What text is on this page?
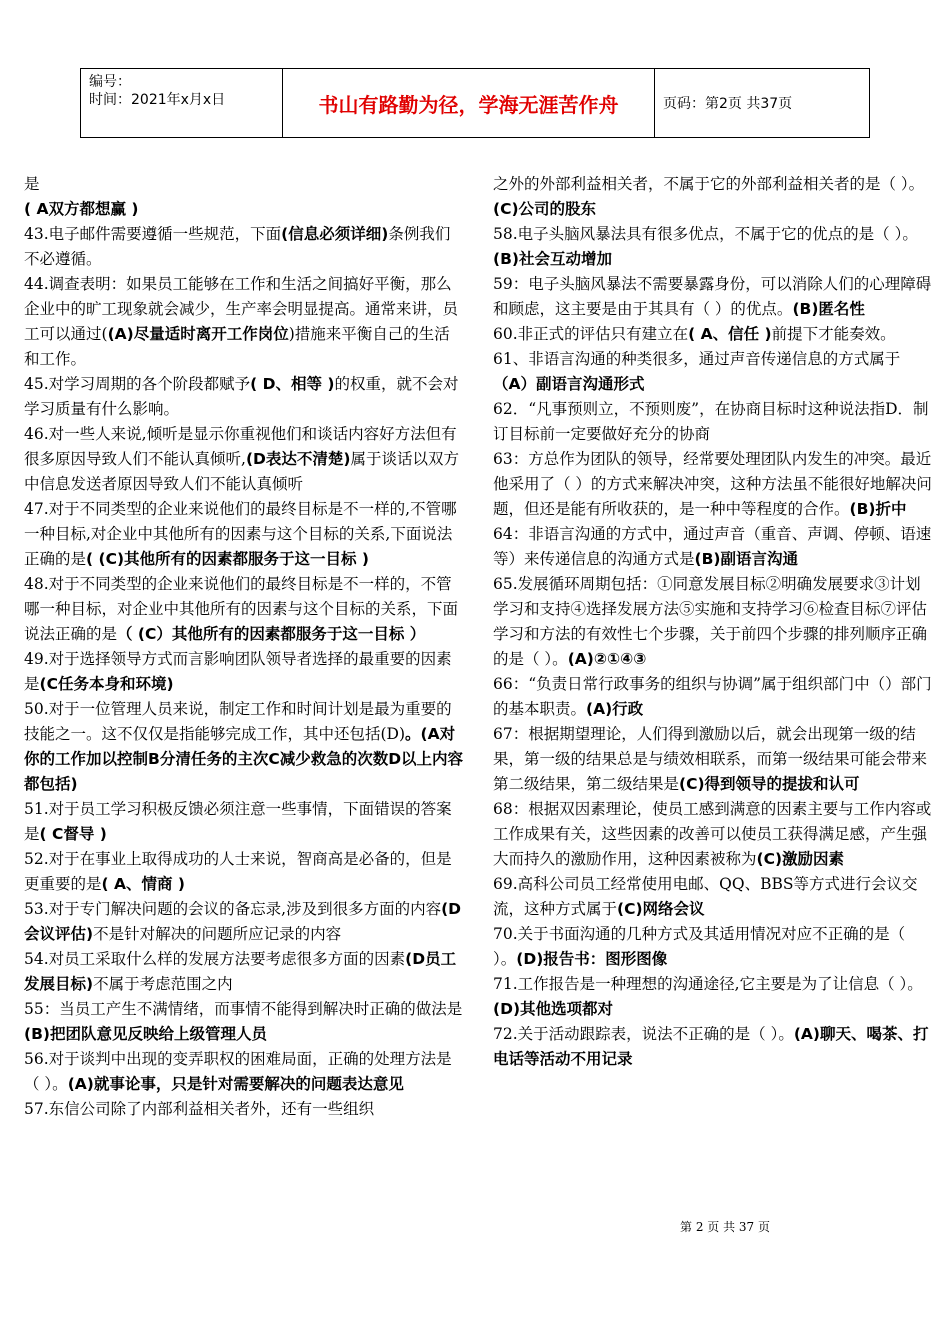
编号：
时间：2021年x月x日	书山有路勤为径，学海无涯苦作舟	页码：第2页 共37页

是

( A双方都想赢 )

43.电子邮件需要遵循一些规范，下面(信息必须详细)条例我们不必遵循。

44.调查表明：如果员工能够在工作和生活之间搞好平衡，那么企业中的旷工现象就会减少，生产率会明显提高。通常来讲，员工可以通过((A)尽量适时离开工作岗位)措施来平衡自己的生活和工作。

45.对学习周期的各个阶段都赋予( D、相等 )的权重，就不会对学习质量有什么影响。

46.对一些人来说,倾听是显示你重视他们和谈话内容好方法但有很多原因导致人们不能认真倾听,(D表达不清楚)属于谈话以双方中信息发送者原因导致人们不能认真倾听

47.对于不同类型的企业来说他们的最终目标是不一样的,不管哪一种目标,对企业中其他所有的因素与这个目标的关系,下面说法正确的是( (C)其他所有的因素都服务于这一目标 )

48.对于不同类型的企业来说他们的最终目标是不一样的，不管哪一种目标，对企业中其他所有的因素与这个目标的关系，下面说法正确的是（ (C）其他所有的因素都服务于这一目标 ）

49.对于选择领导方式而言影响团队领导者选择的最重要的因素是(C任务本身和环境)

50.对于一位管理人员来说，制定工作和时间计划是最为重要的技能之一。这不仅仅是指能够完成工作，其中还包括(D)。(A对你的工作加以控制B分清任务的主次C减少救急的次数D以上内容都包括)

51.对于员工学习积极反馈必须注意一些事情，下面错误的答案是( C督导 )

52.对于在事业上取得成功的人士来说，智商高是必备的，但是更重要的是( A、情商 )

53.对于专门解决问题的会议的备忘录,涉及到很多方面的内容(D会议评估)不是针对解决的问题所应记录的内容

54.对员工采取什么样的发展方法要考虑很多方面的因素(D员工发展目标)不属于考虑范围之内

55：当员工产生不满情绪，而事情不能得到解决时正确的做法是(B)把团队意见反映给上级管理人员

56.对于谈判中出现的变弄职权的困难局面，正确的处理方法是（ ）。(A)就事论事，只是针对需要解决的问题表达意见

57.东信公司除了内部利益相关者外，还有一些组织

之外的外部利益相关者，不属于它的外部利益相关者的是（ ）。(C)公司的股东

58.电子头脑风暴法具有很多优点，不属于它的优点的是（ ）。(B)社会互动增加

59：电子头脑风暴法不需要暴露身份，可以消除人们的心理障碍和顾虑，这主要是由于其具有（ ）的优点。(B)匿名性

60.非正式的评估只有建立在( A、信任 )前提下才能奏效。

61、非语言沟通的种类很多，通过声音传递信息的方式属于（A）副语言沟通形式

62．“凡事预则立，不预则废”，在协商目标时这种说法指D．制订目标前一定要做好充分的协商

63：方总作为团队的领导，经常要处理团队内发生的冲突。最近他采用了（ ）的方式来解决冲突，这种方法虽不能很好地解决问题，但还是能有所收获的，是一种中等程度的合作。(B)折中

64：非语言沟通的方式中，通过声音（重音、声调、停顿、语速等）来传递信息的沟通方式是(B)副语言沟通

65.发展循环周期包括：①同意发展目标②明确发展要求③计划学习和支持④选择发展方法⑤实施和支持学习⑥检查目标⑦评估学习和方法的有效性七个步骤，关于前四个步骤的排列顺序正确的是（ ）。(A)②①④③

66：“负责日常行政事务的组织与协调”属于组织部门中（）部门的基本职责。(A)行政

67：根据期望理论，人们得到激励以后，就会出现第一级的结果，第一级的结果总是与绩效相联系，而第一级结果可能会带来第二级结果，第二级结果是(C)得到领导的提拔和认可

68：根据双因素理论，使员工感到满意的因素主要与工作内容或工作成果有关，这些因素的改善可以使员工获得满足感，产生强大而持久的激励作用，这种因素被称为(C)激励因素

69.高科公司员工经常使用电邮、QQ、BBS等方式进行会议交流，这种方式属于(C)网络会议

70.关于书面沟通的几种方式及其适用情况对应不正确的是（ ）。(D)报告书：图形图像

71.工作报告是一种理想的沟通途径,它主要是为了让信息（ ）。(D)其他选项都对

72.关于活动跟踪表，说法不正确的是（ ）。(A)聊天、喝茶、打电话等活动不用记录

第 2 页 共 37 页
